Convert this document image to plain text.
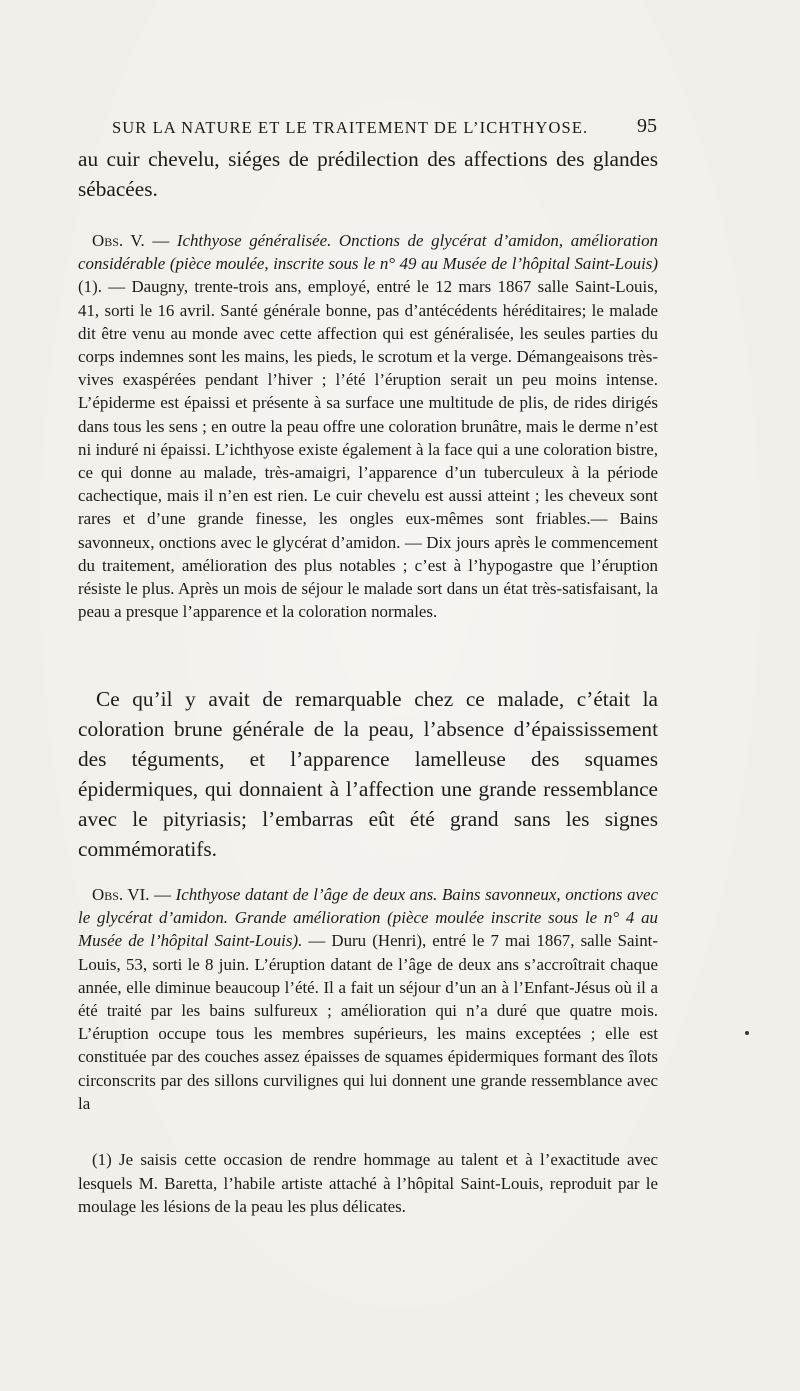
SUR LA NATURE ET LE TRAITEMENT DE L’ICHTHYOSE. 95

au cuir chevelu, siéges de prédilection des affections des glandes sébacées.

Obs. V. — Ichthyose généralisée. Onctions de glycérat d’amidon, amélioration considérable (pièce moulée, inscrite sous le n° 49 au Musée de l’hôpital Saint-Louis) (1). — Daugny, trente-trois ans, employé, entré le 12 mars 1867 salle Saint-Louis, 41, sorti le 16 avril. Santé générale bonne, pas d’antécédents héréditaires; le malade dit être venu au monde avec cette affection qui est généralisée, les seules parties du corps indemnes sont les mains, les pieds, le scrotum et la verge. Démangeaisons très-vives exaspérées pendant l’hiver ; l’été l’éruption serait un peu moins intense. L’épiderme est épaissi et présente à sa surface une multitude de plis, de rides dirigés dans tous les sens ; en outre la peau offre une coloration brunâtre, mais le derme n’est ni induré ni épaissi. L’ichthyose existe également à la face qui a une coloration bistre, ce qui donne au malade, très-amaigri, l’apparence d’un tuberculeux à la période cachectique, mais il n’en est rien. Le cuir chevelu est aussi atteint ; les cheveux sont rares et d’une grande finesse, les ongles eux-mêmes sont friables.— Bains savonneux, onctions avec le glycérat d’amidon. — Dix jours après le commencement du traitement, amélioration des plus notables ; c’est à l’hypogastre que l’éruption résiste le plus. Après un mois de séjour le malade sort dans un état très-satisfaisant, la peau a presque l’apparence et la coloration normales.

Ce qu’il y avait de remarquable chez ce malade, c’était la coloration brune générale de la peau, l’absence d’épaississement des téguments, et l’apparence lamelleuse des squames épidermiques, qui donnaient à l’affection une grande ressemblance avec le pityriasis; l’embarras eût été grand sans les signes commémoratifs.

Obs. VI. — Ichthyose datant de l’âge de deux ans. Bains savonneux, onctions avec le glycérat d’amidon. Grande amélioration (pièce moulée inscrite sous le n° 4 au Musée de l’hôpital Saint-Louis). — Duru (Henri), entré le 7 mai 1867, salle Saint-Louis, 53, sorti le 8 juin. L’éruption datant de l’âge de deux ans s’accroîtrait chaque année, elle diminue beaucoup l’été. Il a fait un séjour d’un an à l’Enfant-Jésus où il a été traité par les bains sulfureux ; amélioration qui n’a duré que quatre mois. L’éruption occupe tous les membres supérieurs, les mains exceptées ; elle est constituée par des couches assez épaisses de squames épidermiques formant des îlots circonscrits par des sillons curvilignes qui lui donnent une grande ressemblance avec la

(1) Je saisis cette occasion de rendre hommage au talent et à l’exactitude avec lesquels M. Baretta, l’habile artiste attaché à l’hôpital Saint-Louis, reproduit par le moulage les lésions de la peau les plus délicates.
